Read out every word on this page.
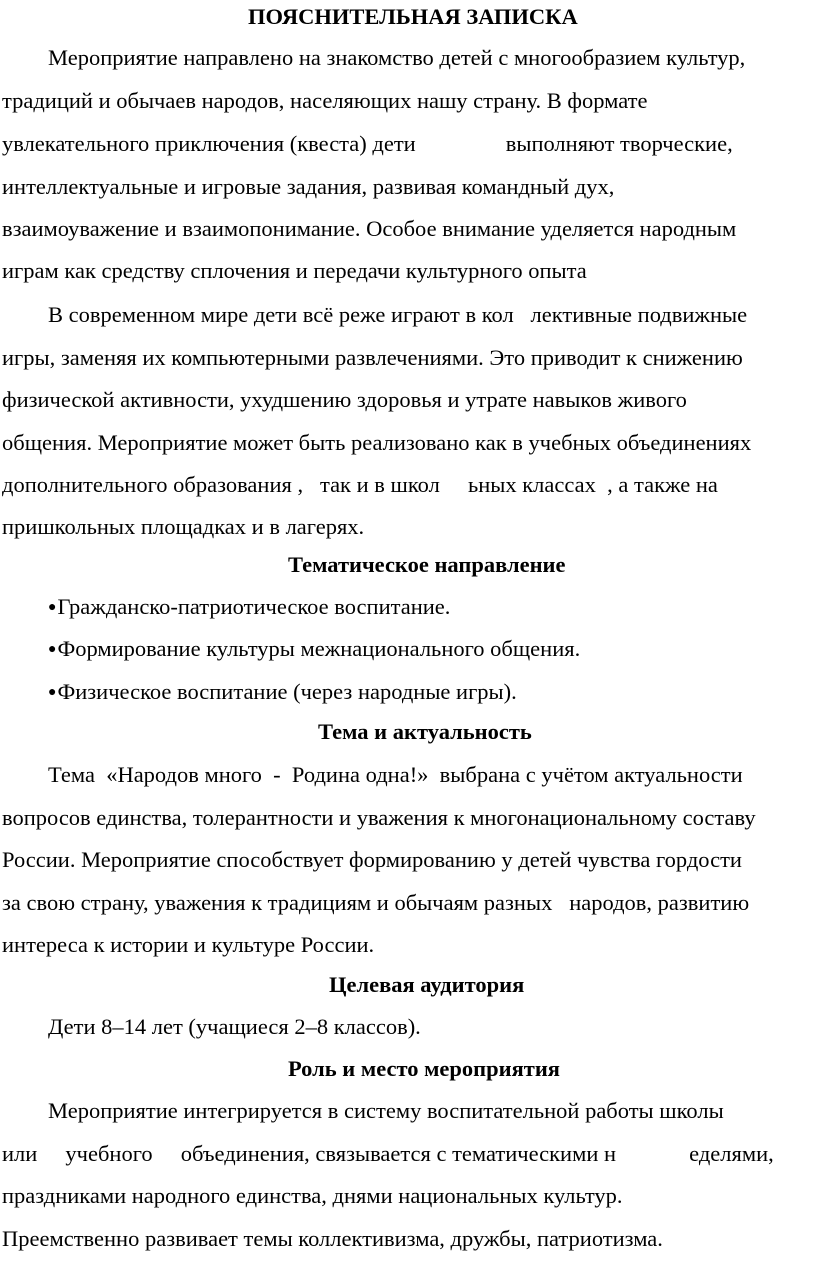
ПОЯСНИТЕЛЬНАЯ ЗАПИСКА
Мероприятие направлено на знакомство детей с многообразием культур,
традиций и обычаев народов, населяющих нашу страну. В формате
увлекательного приключения (квеста) дети                выполняют творческие,
интеллектуальные и игровые задания, развивая командный дух,
взаимоуважение и взаимопонимание. Особое внимание уделяется народным
играм как средству сплочения и передачи культурного опыта
В современном мире дети всё реже играют в кол   лективные подвижные
игры, заменяя их компьютерными развлечениями. Это приводит к снижению
физической активности, ухудшению здоровья и утрате навыков живого
общения. Мероприятие может быть реализовано как в учебных объединениях
дополнительного образования ,   так и в школ     ьных классах  , а также на
пришкольных площадках и в лагерях.
Тематическое направление
●Гражданско-патриотическое воспитание.
●Формирование культуры межнационального общения.
●Физическое воспитание (через народные игры).
Тема и актуальность
Тема  «Народов много  -  Родина одна!»  выбрана с учётом актуальности
вопросов единства, толерантности и уважения к многонациональному составу
России. Мероприятие способствует формированию у детей чувства гордости
за свою страну, уважения к традициям и обычаям разных   народов, развитию
интереса к истории и культуре России.
Целевая аудитория
Дети 8–14 лет (учащиеся 2–8 классов).
Роль и место мероприятия
Мероприятие интегрируется в систему воспитательной работы школы
или     учебного     объединения, связывается с тематическими н             еделями,
праздниками народного единства, днями национальных культур.
Преемственно развивает темы коллективизма, дружбы, патриотизма.
